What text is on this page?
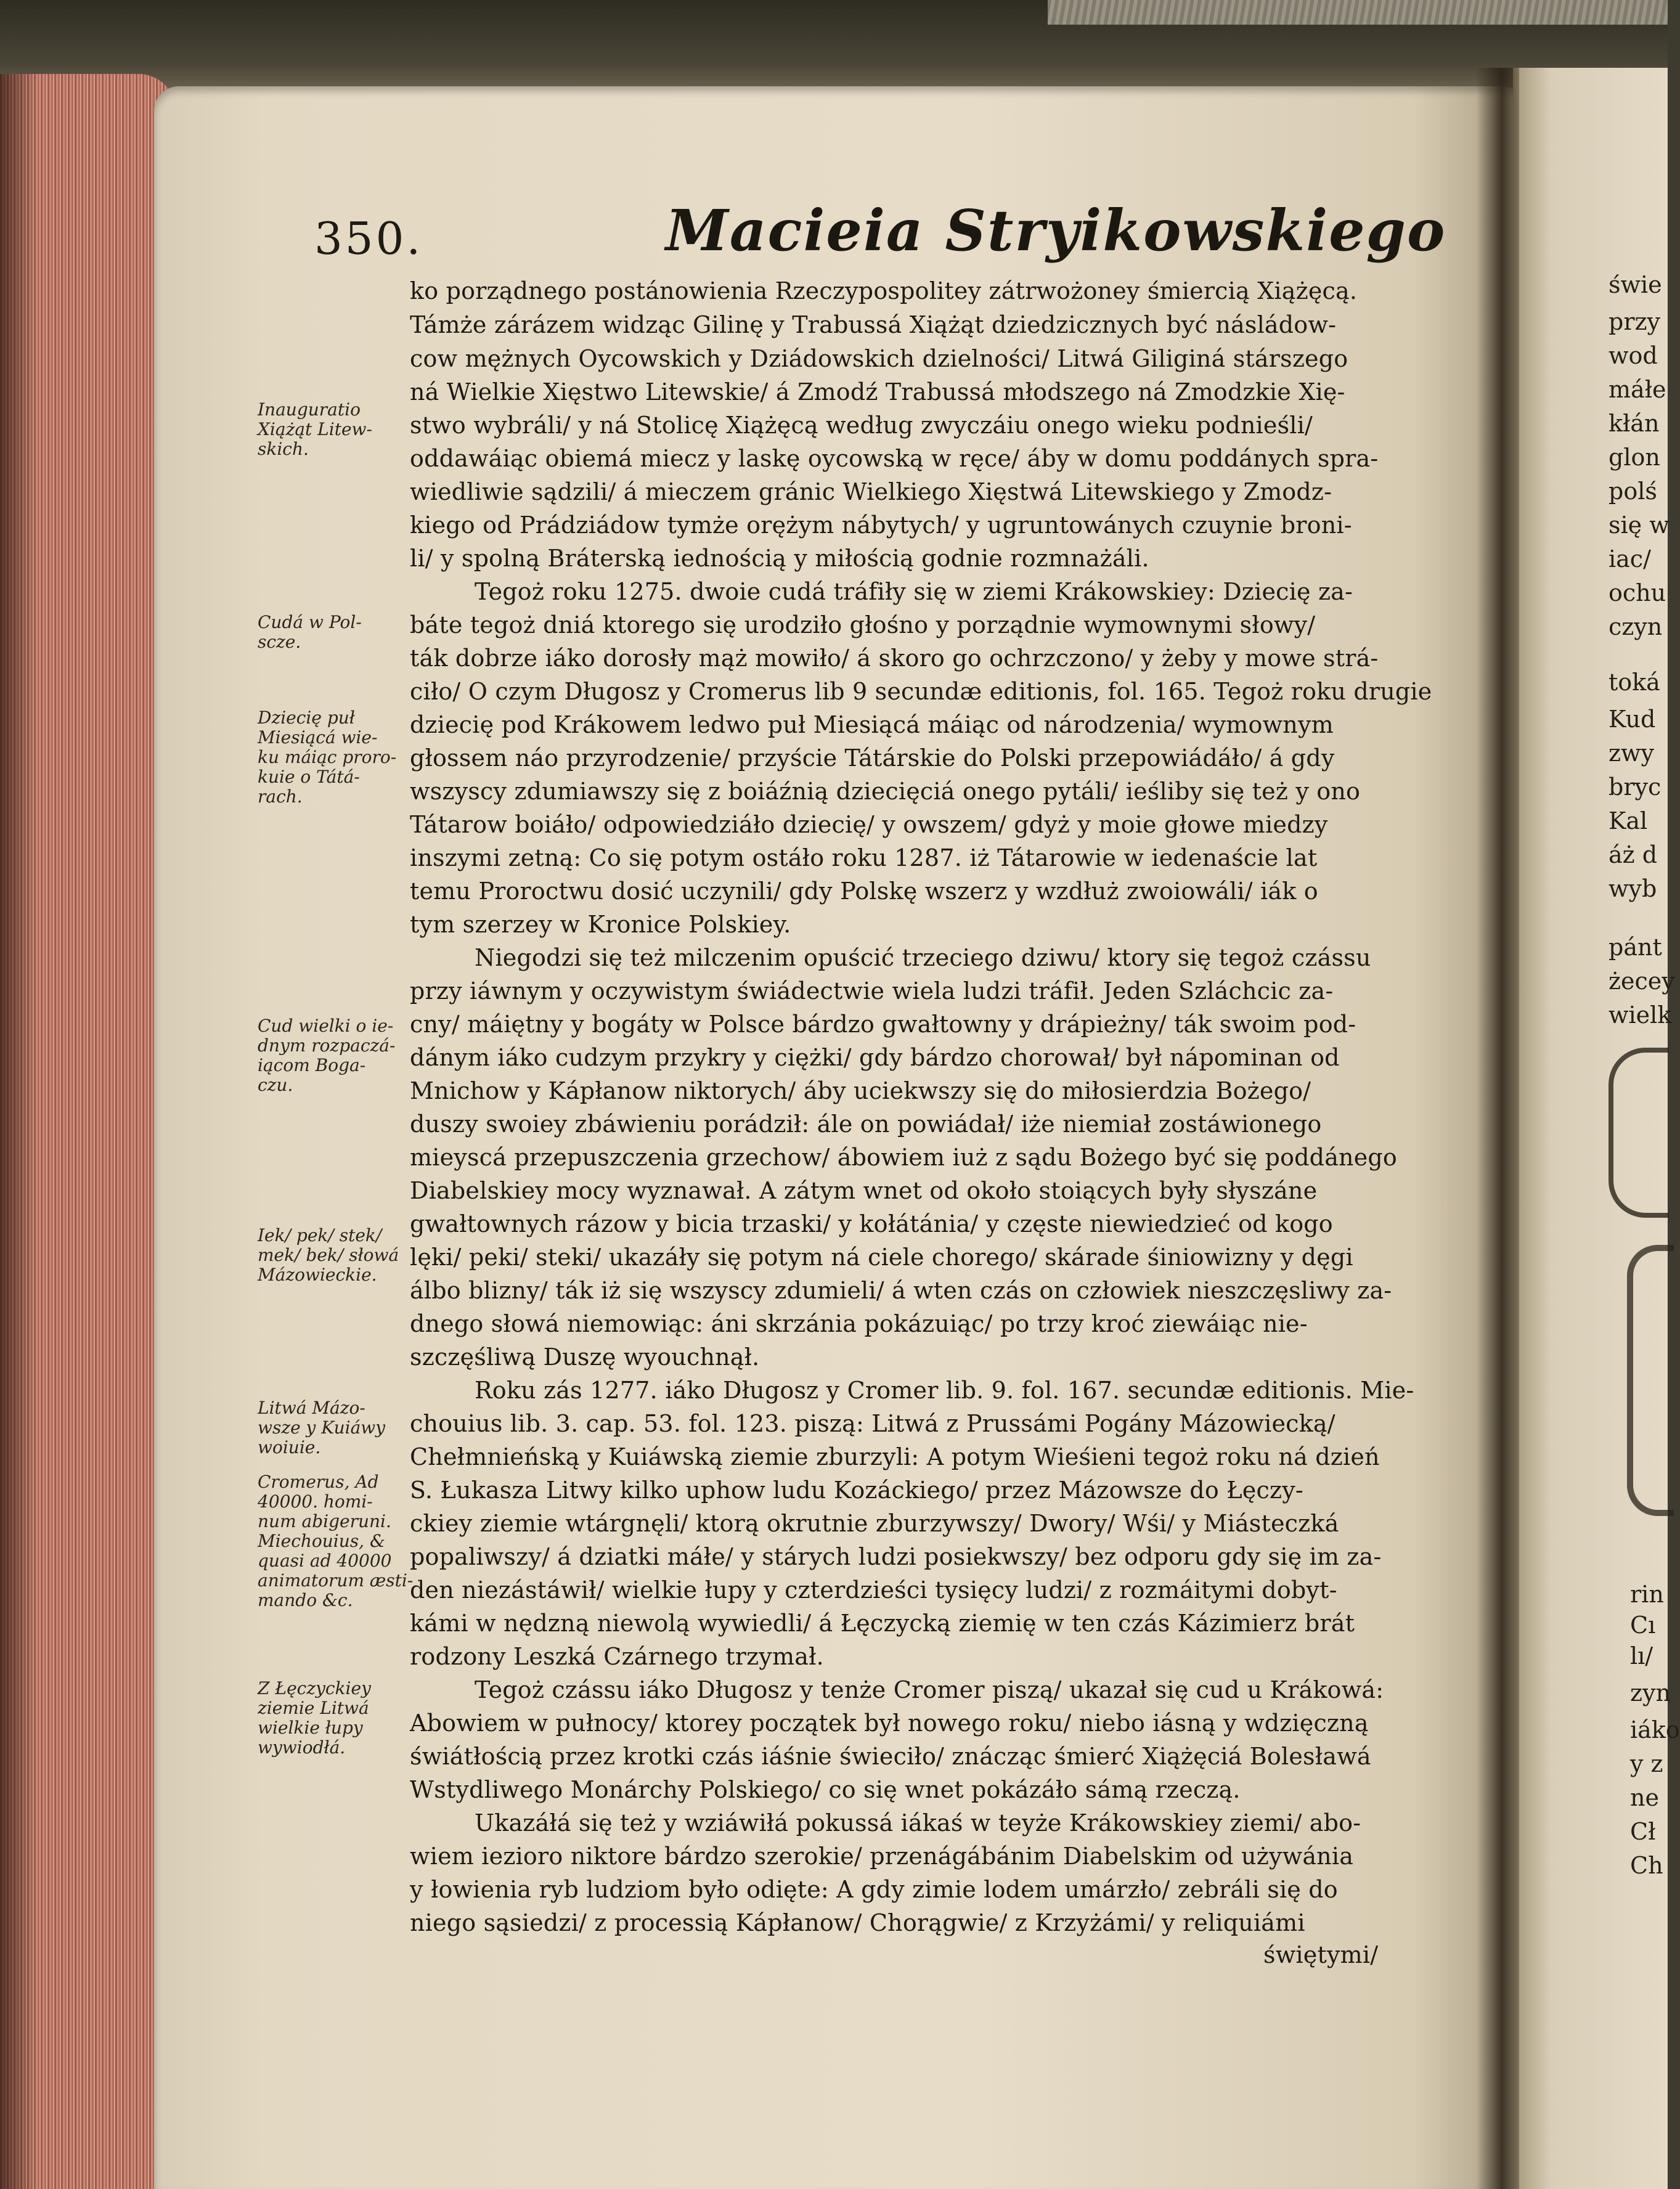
350.	Macieia Stryikowskiego
ko porządnego postánowienia Rzeczypospolitey zátrwożoney śmiercią Xiążęcą.
Támże zárázem widząc Gilinę y Trabussá Xiążąt dziedzicznych być násládow-
cow mężnych Oycowskich y Dziádowskich dzielności/ Litwá Giliginá stárszego
ná Wielkie Xięstwo Litewskie/ á Zmodź Trabussá młodszego ná Zmodzkie Xię-
stwo wybráli/ y ná Stolicę Xiążęcą według zwyczáiu onego wieku podnieśli/
oddawáiąc obiemá miecz y laskę oycowską w ręce/ áby w domu poddánych spra-
wiedliwie sądzili/ á mieczem gránic Wielkiego Xięstwá Litewskiego y Zmodz-
kiego od Prádziádow tymże orężym nábytych/ y ugruntowánych czuynie broni-
li/ y spolną Bráterską iednością y miłością godnie rozmnażáli.
Tegoż roku 1275. dwoie cudá tráfiły się w ziemi Krákowskiey: Dziecię za-
báte tegoż dniá ktorego się urodziło głośno y porządnie wymownymi słowy/
ták dobrze iáko dorosły mąż mowiło/ á skoro go ochrzczono/ y żeby y mowe strá-
ciło/ O czym Długosz y Cromerus lib 9 secundæ editionis, fol. 165. Tegoż roku drugie
dziecię pod Krákowem ledwo puł Miesiącá máiąc od národzenia/ wymownym
głossem náo przyrodzenie/ przyście Tátárskie do Polski przepowiádáło/ á gdy
wszyscy zdumiawszy się z boiáźnią dziecięciá onego pytáli/ ieśliby się też y ono
Tátarow boiáło/ odpowiedziáło dziecię/ y owszem/ gdyż y moie głowe miedzy
inszymi zetną: Co się potym ostáło roku 1287. iż Tátarowie w iedenaście lat
temu Proroctwu dosić uczynili/ gdy Polskę wszerz y wzdłuż zwoiowáli/ iák o
tym szerzey w Kronice Polskiey.
Niegodzi się też milczenim opuścić trzeciego dziwu/ ktory się tegoż czássu
przy iáwnym y oczywistym świádectwie wiela ludzi tráfił. Jeden Szláchcic za-
cny/ máiętny y bogáty w Polsce bárdzo gwałtowny y drápieżny/ ták swoim pod-
dánym iáko cudzym przykry y ciężki/ gdy bárdzo chorował/ był nápominan od
Mnichow y Kápłanow niktorych/ áby uciekwszy się do miłosierdzia Bożego/
duszy swoiey zbáwieniu porádził: ále on powiádał/ iże niemiał zostáwionego
mieyscá przepuszczenia grzechow/ ábowiem iuż z sądu Bożego być się poddánego
Diabelskiey mocy wyznawał. A zátym wnet od około stoiących były słyszáne
gwałtownych rázow y bicia trzaski/ y kołátánia/ y częste niewiedzieć od kogo
lęki/ peki/ steki/ ukazáły się potym ná ciele chorego/ skárade śiniowizny y dęgi
álbo blizny/ ták iż się wszyscy zdumieli/ á wten czás on człowiek nieszczęsliwy za-
dnego słowá niemowiąc: áni skrzánia pokázuiąc/ po trzy kroć ziewáiąc nie-
szczęśliwą Duszę wyouchnął.
Roku zás 1277. iáko Długosz y Cromer lib. 9. fol. 167. secundæ editionis. Mie-
chouius lib. 3. cap. 53. fol. 123. piszą: Litwá z Prussámi Pogány Mázowiecką/
Chełmnieńską y Kuiáwską ziemie zburzyli: A potym Wieśieni tegoż roku ná dzień
S. Łukasza Litwy kilko uphow ludu Kozáckiego/ przez Mázowsze do Łęczy-
ckiey ziemie wtárgnęli/ ktorą okrutnie zburzywszy/ Dwory/ Wśi/ y Miásteczká
popaliwszy/ á dziatki máłe/ y stárych ludzi posiekwszy/ bez odporu gdy się im za-
den niezástáwił/ wielkie łupy y czterdzieści tysięcy ludzi/ z rozmáitymi dobyt-
kámi w nędzną niewolą wywiedli/ á Łęczycką ziemię w ten czás Kázimierz brát
rodzony Leszká Czárnego trzymał.
Tegoż czássu iáko Długosz y tenże Cromer piszą/ ukazał się cud u Krákowá:
Abowiem w pułnocy/ ktorey początek był nowego roku/ niebo iásną y wdzięczną
świátłością przez krotki czás iáśnie świeciło/ znácząc śmierć Xiążęciá Bolesławá
Wstydliwego Monárchy Polskiego/ co się wnet pokázáło sámą rzeczą.
Ukazáłá się też y wziáwiłá pokussá iákaś w teyże Krákowskiey ziemi/ abo-
wiem iezioro niktore bárdzo szerokie/ przenágábánim Diabelskim od używánia
y łowienia ryb ludziom było odięte: A gdy zimie lodem umárzło/ zebráli się do
niego sąsiedzi/ z processią Kápłanow/ Chorągwie/ z Krzyżámi/ y reliquiámi
świętymi/
Inauguratio
Xiążąt Litew-
skich.
Cudá w Pol-
scze.
Dziecię puł
Miesiącá wie-
ku máiąc proro-
kuie o Tátá-
rach.
Cud wielki o ie-
dnym rozpaczá-
iącom Boga-
czu.
Iek/ pek/ stek/
mek/ bek/ słowá
Mázowieckie.
Litwá Mázo-
wsze y Kuiáwy
woiuie.
Cromerus, Ad
40000. homi-
num abigeruni.
Miechouius, &
quasi ad 40000
animatorum æsti-
mando &c.
Z Łęczyckiey
ziemie Litwá
wielkie łupy
wywiodłá.
świe
przy
wod
máłe
kłán
glon
polś
się w
iac/
ochu
czyn
toká
Kud
zwy
bryc
Kal
áż d
wyb
pánt
żecey
wielk
rin
Cı
lı/
zyn
iáko
y z
ne
Cł
Ch
